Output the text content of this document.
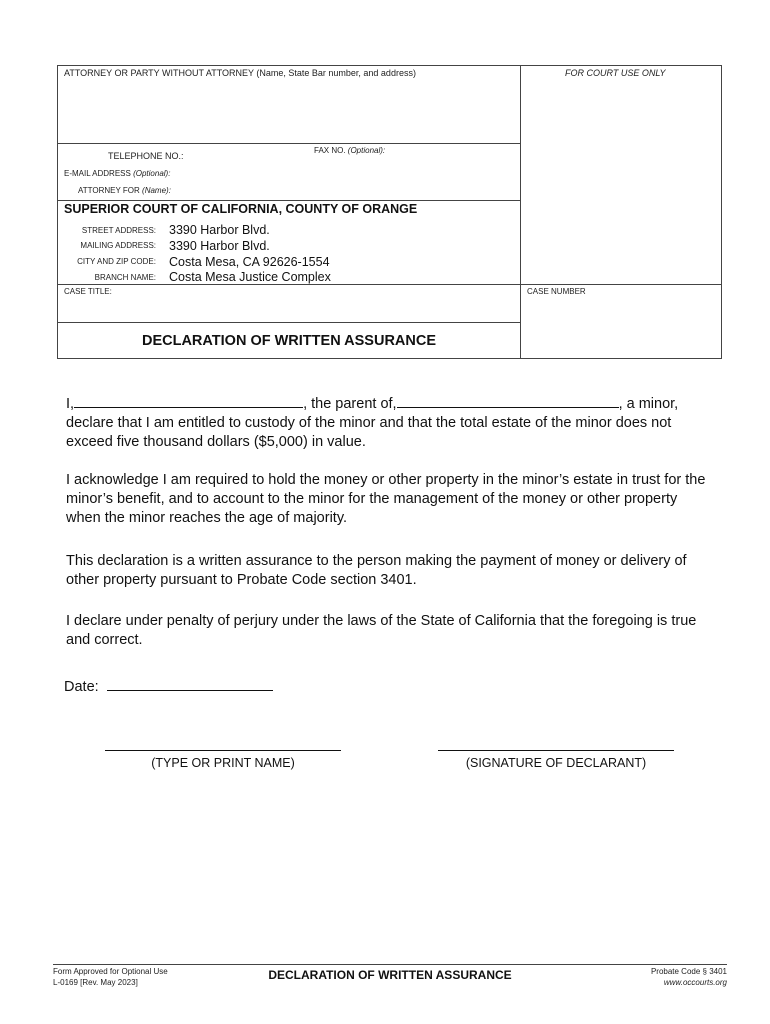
ATTORNEY OR PARTY WITHOUT ATTORNEY (Name, State Bar number, and address)	FOR COURT USE ONLY
TELEPHONE NO.:
FAX NO. (Optional):
E-MAIL ADDRESS (Optional):
ATTORNEY FOR (Name):
SUPERIOR COURT OF CALIFORNIA, COUNTY OF ORANGE
STREET ADDRESS: 3390 Harbor Blvd.
MAILING ADDRESS: 3390 Harbor Blvd.
CITY AND ZIP CODE: Costa Mesa, CA 92626-1554
BRANCH NAME: Costa Mesa Justice Complex
CASE TITLE:	CASE NUMBER
DECLARATION OF WRITTEN ASSURANCE

I,	, the parent of,	, a minor,

declare that I am entitled to custody of the minor and that the total estate of the minor does not exceed five thousand dollars ($5,000) in value.

I acknowledge I am required to hold the money or other property in the minor’s estate in trust for the minor’s benefit, and to account to the minor for the management of the money or other property when the minor reaches the age of majority.
This declaration is a written assurance to the person making the payment of money or delivery of other property pursuant to Probate Code section 3401.
I declare under penalty of perjury under the laws of the State of California that the foregoing is true and correct.
Date:
(TYPE OR PRINT NAME)	(SIGNATURE OF DECLARANT)
Form Approved for Optional Use
L-0169 [Rev. May 2023]
DECLARATION OF WRITTEN ASSURANCE	Probate Code § 3401
www.occourts.org
